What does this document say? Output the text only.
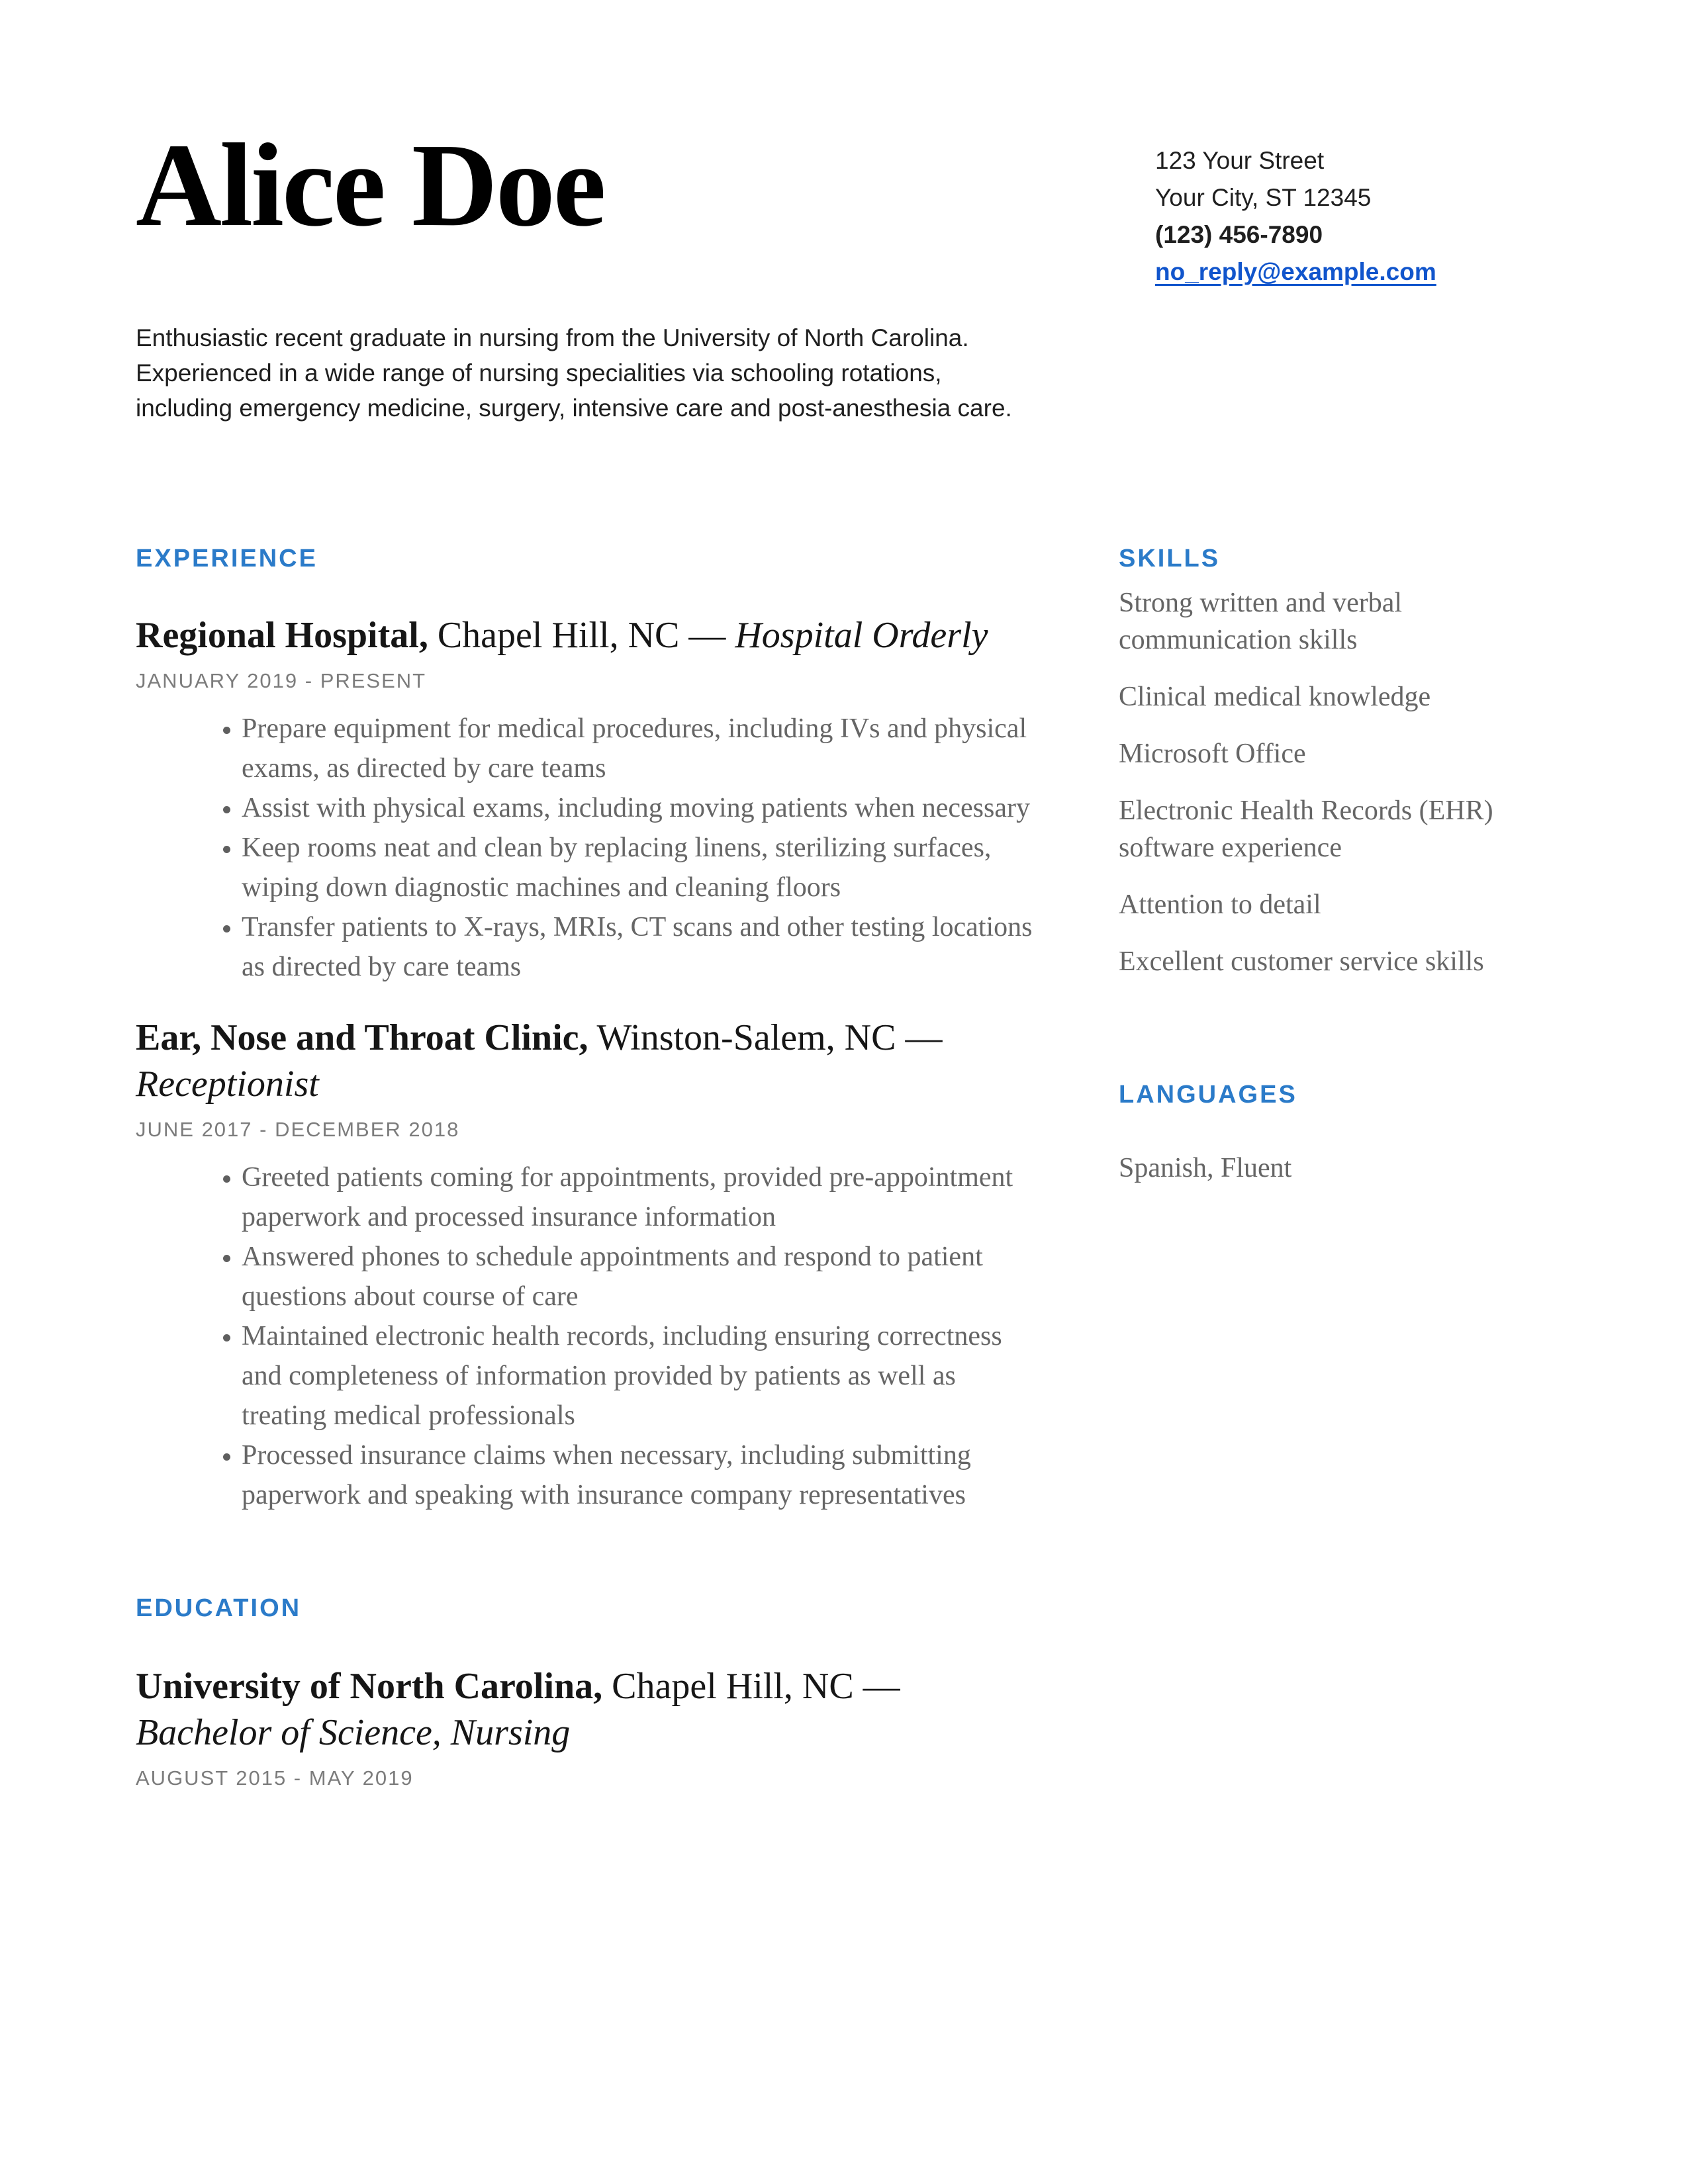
Alice Doe	123 Your Street
Your City, ST 12345
(123) 456-7890
no_reply@example.com
Enthusiastic recent graduate in nursing from the University of North Carolina. Experienced in a wide range of nursing specialities via schooling rotations, including emergency medicine, surgery, intensive care and post-anesthesia care.
EXPERIENCE
Regional Hospital, Chapel Hill, NC — Hospital Orderly
JANUARY 2019 - PRESENT
• Prepare equipment for medical procedures, including IVs and physical exams, as directed by care teams
• Assist with physical exams, including moving patients when necessary
• Keep rooms neat and clean by replacing linens, sterilizing surfaces, wiping down diagnostic machines and cleaning floors
• Transfer patients to X-rays, MRIs, CT scans and other testing locations as directed by care teams
Ear, Nose and Throat Clinic, Winston-Salem, NC — Receptionist
JUNE 2017 - DECEMBER 2018
• Greeted patients coming for appointments, provided pre-appointment paperwork and processed insurance information
• Answered phones to schedule appointments and respond to patient questions about course of care
• Maintained electronic health records, including ensuring correctness and completeness of information provided by patients as well as treating medical professionals
• Processed insurance claims when necessary, including submitting paperwork and speaking with insurance company representatives
EDUCATION
University of North Carolina, Chapel Hill, NC — Bachelor of Science, Nursing
AUGUST 2015 - MAY 2019
SKILLS
Strong written and verbal communication skills
Clinical medical knowledge
Microsoft Office
Electronic Health Records (EHR) software experience
Attention to detail
Excellent customer service skills
LANGUAGES
Spanish, Fluent
